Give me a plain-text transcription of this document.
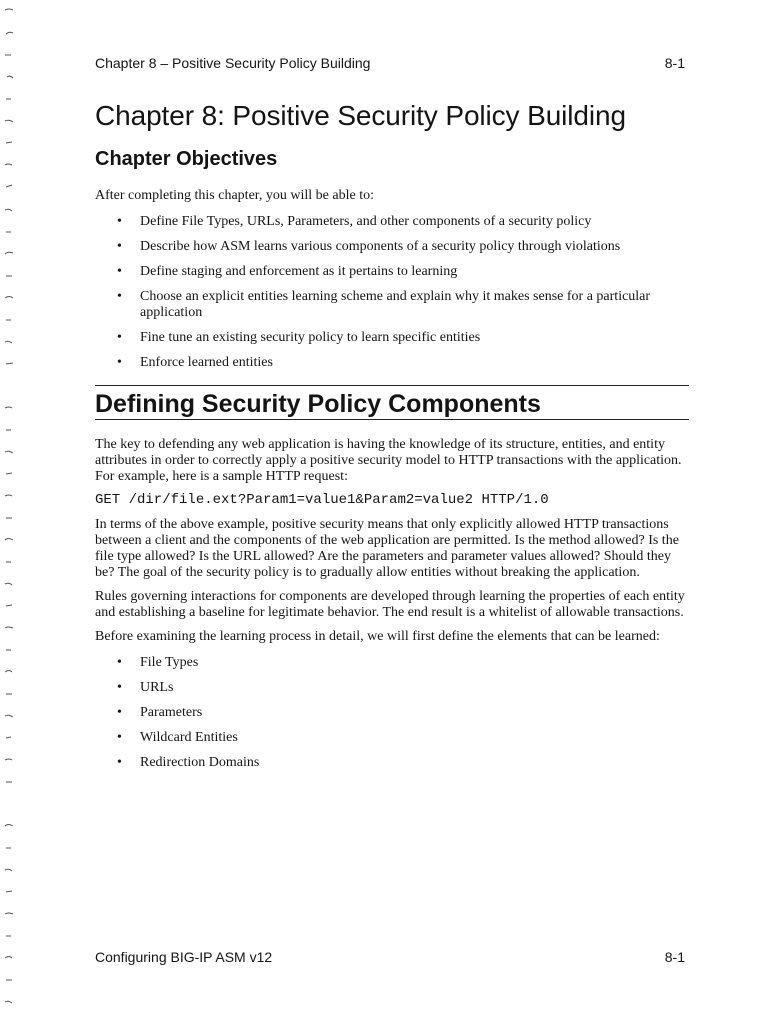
Chapter 8 – Positive Security Policy Building	8-1
Chapter 8: Positive Security Policy Building
Chapter Objectives

After completing this chapter, you will be able to:

• Define File Types, URLs, Parameters, and other components of a security policy
• Describe how ASM learns various components of a security policy through violations
• Define staging and enforcement as it pertains to learning
• Choose an explicit entities learning scheme and explain why it makes sense for a particular application
• Fine tune an existing security policy to learn specific entities
• Enforce learned entities
Defining Security Policy Components

The key to defending any web application is having the knowledge of its structure, entities, and entity attributes in order to correctly apply a positive security model to HTTP transactions with the application. For example, here is a sample HTTP request:

GET /dir/file.ext?Param1=value1&Param2=value2 HTTP/1.0

In terms of the above example, positive security means that only explicitly allowed HTTP transactions between a client and the components of the web application are permitted. Is the method allowed? Is the file type allowed? Is the URL allowed? Are the parameters and parameter values allowed? Should they be? The goal of the security policy is to gradually allow entities without breaking the application.

Rules governing interactions for components are developed through learning the properties of each entity and establishing a baseline for legitimate behavior. The end result is a whitelist of allowable transactions.

Before examining the learning process in detail, we will first define the elements that can be learned:

• File Types
• URLs
• Parameters
• Wildcard Entities
• Redirection Domains
Configuring BIG-IP ASM v12	8-1
